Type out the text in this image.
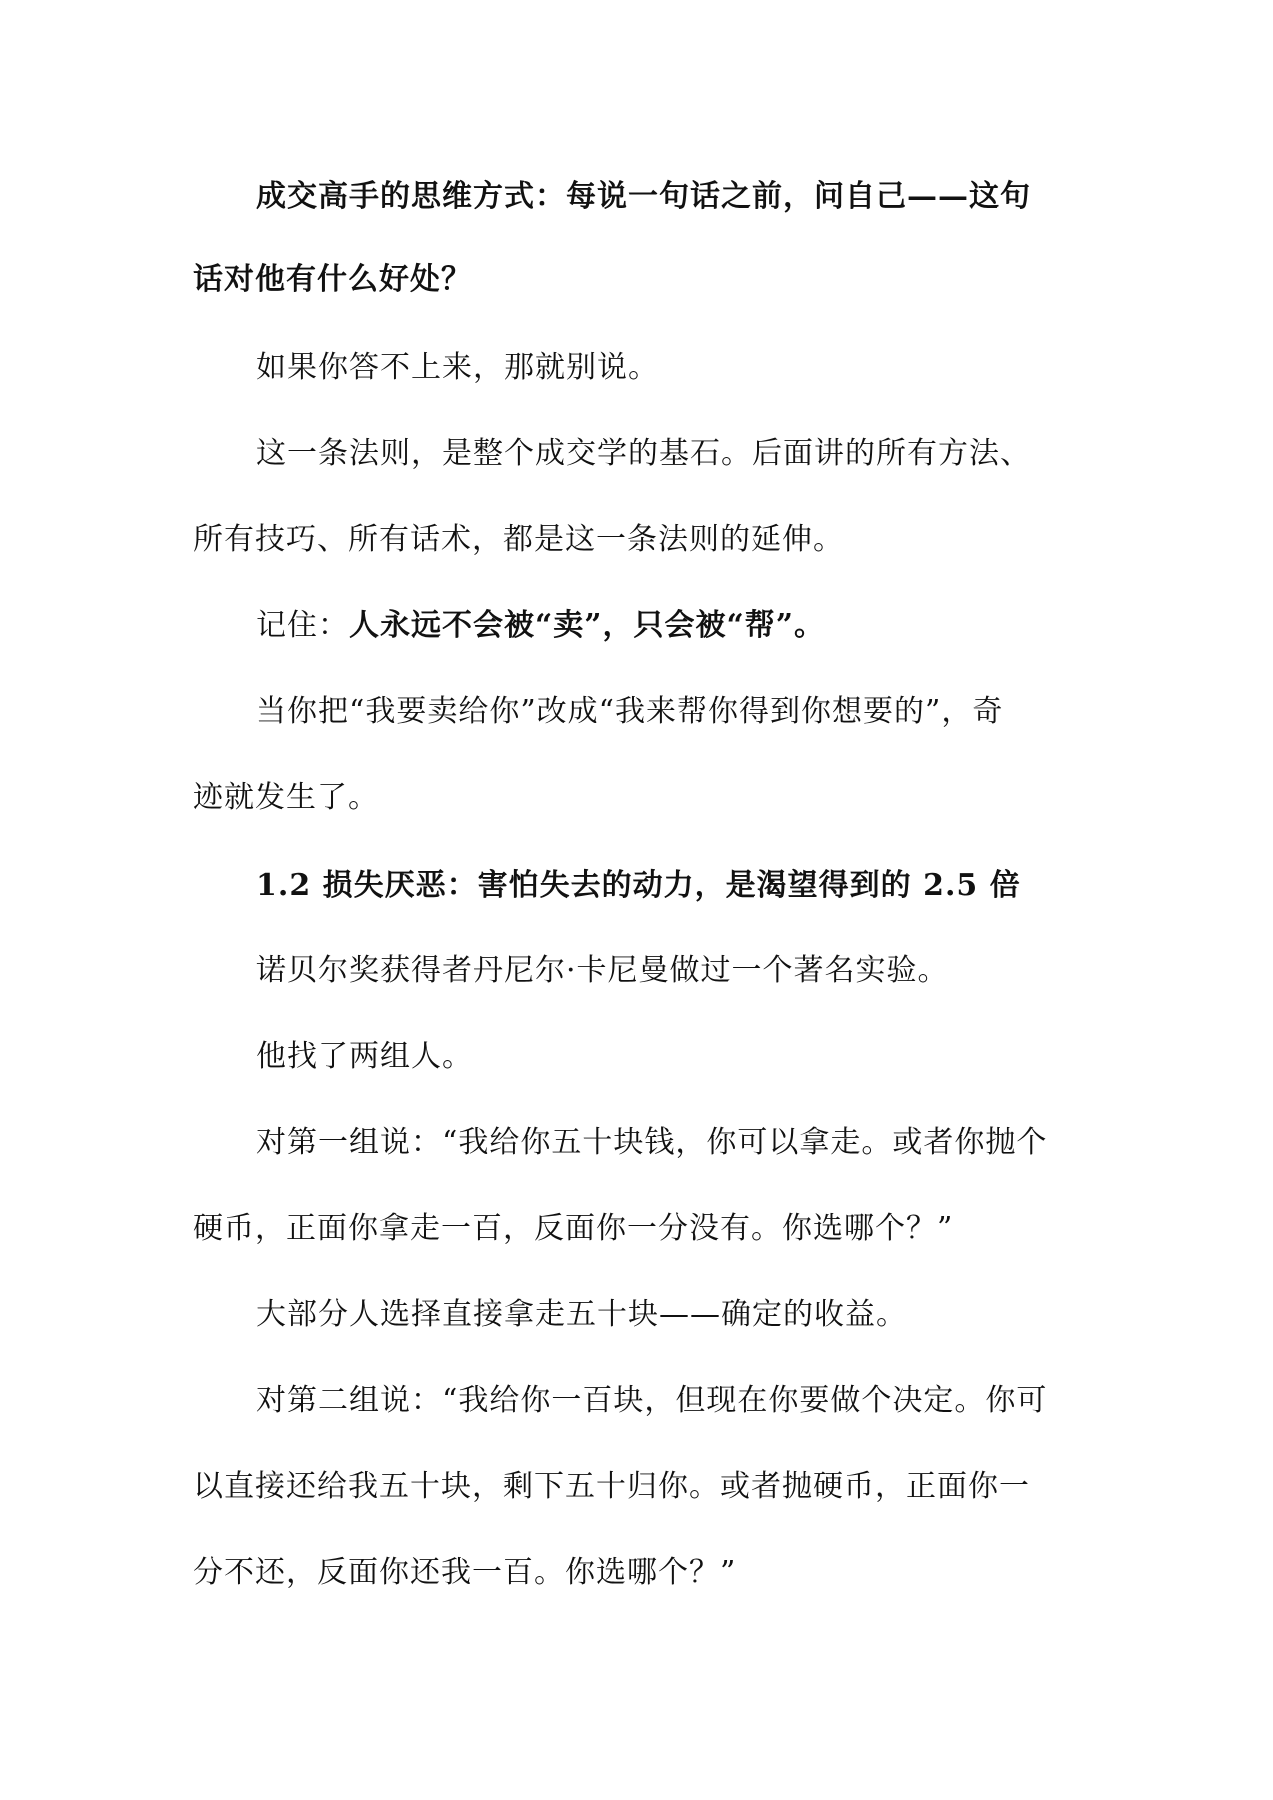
成交高手的思维方式：每说一句话之前，问自己——这句
话对他有什么好处？
如果你答不上来，那就别说。
这一条法则，是整个成交学的基石。后面讲的所有方法、
所有技巧、所有话术，都是这一条法则的延伸。
记住：人永远不会被“卖”，只会被“帮”。
当你把“我要卖给你”改成“我来帮你得到你想要的”，奇
迹就发生了。
1.2 损失厌恶：害怕失去的动力，是渴望得到的 2.5 倍
诺贝尔奖获得者丹尼尔·卡尼曼做过一个著名实验。
他找了两组人。
对第一组说：“我给你五十块钱，你可以拿走。或者你抛个
硬币，正面你拿走一百，反面你一分没有。你选哪个？”
大部分人选择直接拿走五十块——确定的收益。
对第二组说：“我给你一百块，但现在你要做个决定。你可
以直接还给我五十块，剩下五十归你。或者抛硬币，正面你一
分不还，反面你还我一百。你选哪个？”
